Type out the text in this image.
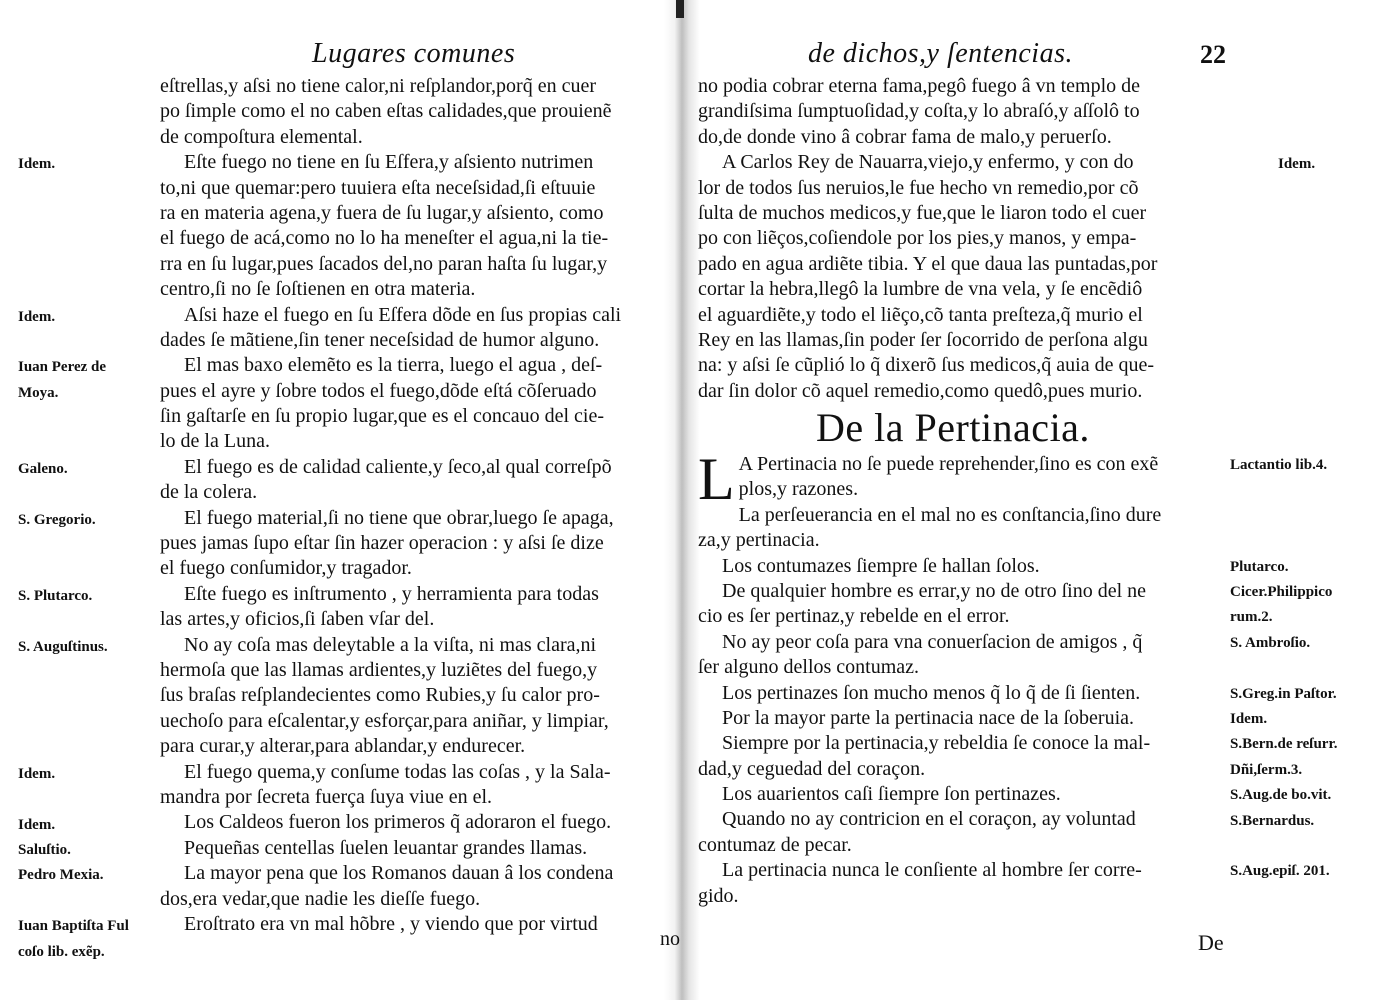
Lugares comunes
eſtrellas,y aſsi no tiene calor,ni reſplandor,porq̃ en cuer
po ſimple como el no caben eſtas calidades,que prouienẽ
de compoſtura elemental.
Eſte fuego no tiene en ſu Eſfera,y aſsiento nutrimen
to,ni que quemar:pero tuuiera eſta neceſsidad,ſi eſtuuie
ra en materia agena,y fuera de ſu lugar,y aſsiento, como
el fuego de acá,como no lo ha meneſter el agua,ni la tie-
rra en ſu lugar,pues ſacados del,no paran haſta ſu lugar,y
centro,ſi no ſe ſoſtienen en otra materia.
Aſsi haze el fuego en ſu Eſfera dõde en ſus propias cali
dades ſe mãtiene,ſin tener neceſsidad de humor alguno.
El mas baxo elemẽto es la tierra, luego el agua , deſ-
pues el ayre y ſobre todos el fuego,dõde eſtá cõſeruado
ſin gaſtarſe en ſu propio lugar,que es el concauo del cie-
lo de la Luna.
El fuego es de calidad caliente,y ſeco,al qual correſpõ
de la colera.
El fuego material,ſi no tiene que obrar,luego ſe apaga,
pues jamas ſupo eſtar ſin hazer operacion : y aſsi ſe dize
el fuego conſumidor,y tragador.
Eſte fuego es inſtrumento , y herramienta para todas
las artes,y oficios,ſi ſaben vſar del.
No ay coſa mas deleytable a la viſta, ni mas clara,ni
hermoſa que las llamas ardientes,y luziẽtes del fuego,y
ſus braſas reſplandecientes como Rubies,y ſu calor pro-
uechoſo para eſcalentar,y esforçar,para aniñar, y limpiar,
para curar,y alterar,para ablandar,y endurecer.
El fuego quema,y conſume todas las coſas , y la Sala-
mandra por ſecreta fuerça ſuya viue en el.
Los Caldeos fueron los primeros q̃ adoraron el fuego.
Pequeñas centellas ſuelen leuantar grandes llamas.
La mayor pena que los Romanos dauan â los condena
dos,era vedar,que nadie les dieſſe fuego.
Eroſtrato era vn mal hõbre , y viendo que por virtud
Idem.
Idem.
Iuan Perez de
Moya.
Galeno.
S. Gregorio.
S. Plutarco.
S. Auguſtinus.
Idem.
Idem.
Saluſtio.
Pedro Mexia.
Iuan Baptiſta Ful
coſo lib. exẽp.
no
de dichos,y ſentencias.	22
no podia cobrar eterna fama,pegô fuego â vn templo de
grandiſsima ſumptuoſidad,y coſta,y lo abraſó,y aſſolô to
do,de donde vino â cobrar fama de malo,y peruerſo.
A Carlos Rey de Nauarra,viejo,y enfermo, y con do
lor de todos ſus neruios,le fue hecho vn remedio,por cõ
ſulta de muchos medicos,y fue,que le liaron todo el cuer
po con liẽços,coſiendole por los pies,y manos, y empa-
pado en agua ardiẽte tibia. Y el que daua las puntadas,por
cortar la hebra,llegô la lumbre de vna vela, y ſe encẽdiô
el aguardiẽte,y todo el liẽço,cõ tanta preſteza,q̃ murio el
Rey en las llamas,ſin poder ſer ſocorrido de perſona algu
na: y aſsi ſe cũplió lo q̃ dixerõ ſus medicos,q̃ auia de que-
dar ſin dolor cõ aquel remedio,como quedô,pues murio.
De la Pertinacia.
L A Pertinacia no ſe puede reprehender,ſino es con exẽ
plos,y razones.
La perſeuerancia en el mal no es conſtancia,ſino dure
za,y pertinacia.
Los contumazes ſiempre ſe hallan ſolos.
De qualquier hombre es errar,y no de otro ſino del ne
cio es ſer pertinaz,y rebelde en el error.
No ay peor coſa para vna conuerſacion de amigos , q̃
ſer alguno dellos contumaz.
Los pertinazes ſon mucho menos q̃ lo q̃ de ſi ſienten.
Por la mayor parte la pertinacia nace de la ſoberuia.
Siempre por la pertinacia,y rebeldia ſe conoce la mal-
dad,y ceguedad del coraçon.
Los auarientos caſi ſiempre ſon pertinazes.
Quando no ay contricion en el coraçon, ay voluntad
contumaz de pecar.
La pertinacia nunca le conſiente al hombre ſer corre-
gido.
Idem.
Lactantio lib.4.
Plutarco.
Cicer.Philippico
rum.2.
S. Ambroſio.
S.Greg.in Paſtor.
Idem.
S.Bern.de reſurr.
Dñi,ſerm.3.
S.Aug.de bo.vit.
S.Bernardus.
S.Aug.epiſ. 201.
De
